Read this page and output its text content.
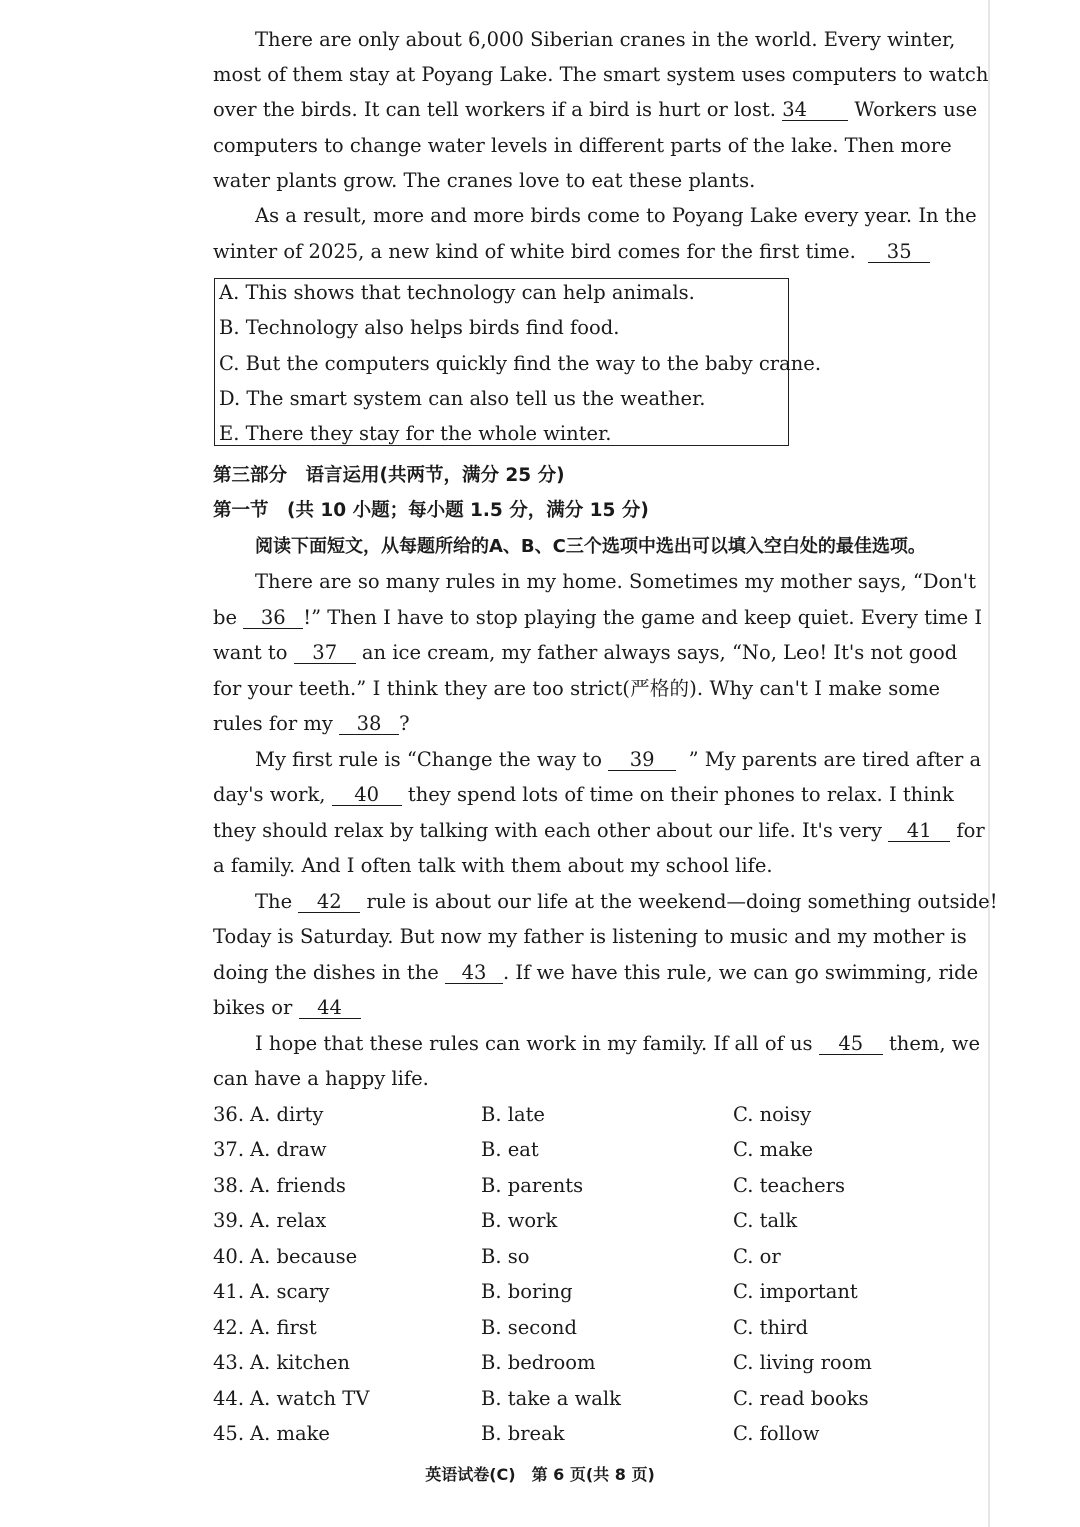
There are only about 6,000 Siberian cranes in the world. Every winter,
most of them stay at Poyang Lake. The smart system uses computers to watch
over the birds. It can tell workers if a bird is hurt or lost. 34 Workers use
computers to change water levels in different parts of the lake. Then more
water plants grow. The cranes love to eat these plants.
As a result, more and more birds come to Poyang Lake every year. In the
winter of 2025, a new kind of white bird comes for the first time. 35
A. This shows that technology can help animals.
B. Technology also helps birds find food.
C. But the computers quickly find the way to the baby crane.
D. The smart system can also tell us the weather.
E. There they stay for the whole winter.
第三部分　语言运用(共两节，满分 25 分)
第一节　(共 10 小题；每小题 1.5 分，满分 15 分)
阅读下面短文，从每题所给的A、B、C三个选项中选出可以填入空白处的最佳选项。
There are so many rules in my home. Sometimes my mother says, “Don't
be 36 !” Then I have to stop playing the game and keep quiet. Every time I
want to 37 an ice cream, my father always says, “No, Leo! It's not good
for your teeth.” I think they are too strict(严格的). Why can't I make some
rules for my 38 ?
My first rule is “Change the way to 39 ” My parents are tired after a
day's work, 40 they spend lots of time on their phones to relax. I think
they should relax by talking with each other about our life. It's very 41 for
a family. And I often talk with them about my school life.
The 42 rule is about our life at the weekend—doing something outside!
Today is Saturday. But now my father is listening to music and my mother is
doing the dishes in the 43 . If we have this rule, we can go swimming, ride
bikes or 44
I hope that these rules can work in my family. If all of us 45 them, we
can have a happy life.
36. A. dirty	B. late	C. noisy
37. A. draw	B. eat	C. make
38. A. friends	B. parents	C. teachers
39. A. relax	B. work	C. talk
40. A. because	B. so	C. or
41. A. scary	B. boring	C. important
42. A. first	B. second	C. third
43. A. kitchen	B. bedroom	C. living room
44. A. watch TV	B. take a walk	C. read books
45. A. make	B. break	C. follow
英语试卷(C)　第 6 页(共 8 页)
